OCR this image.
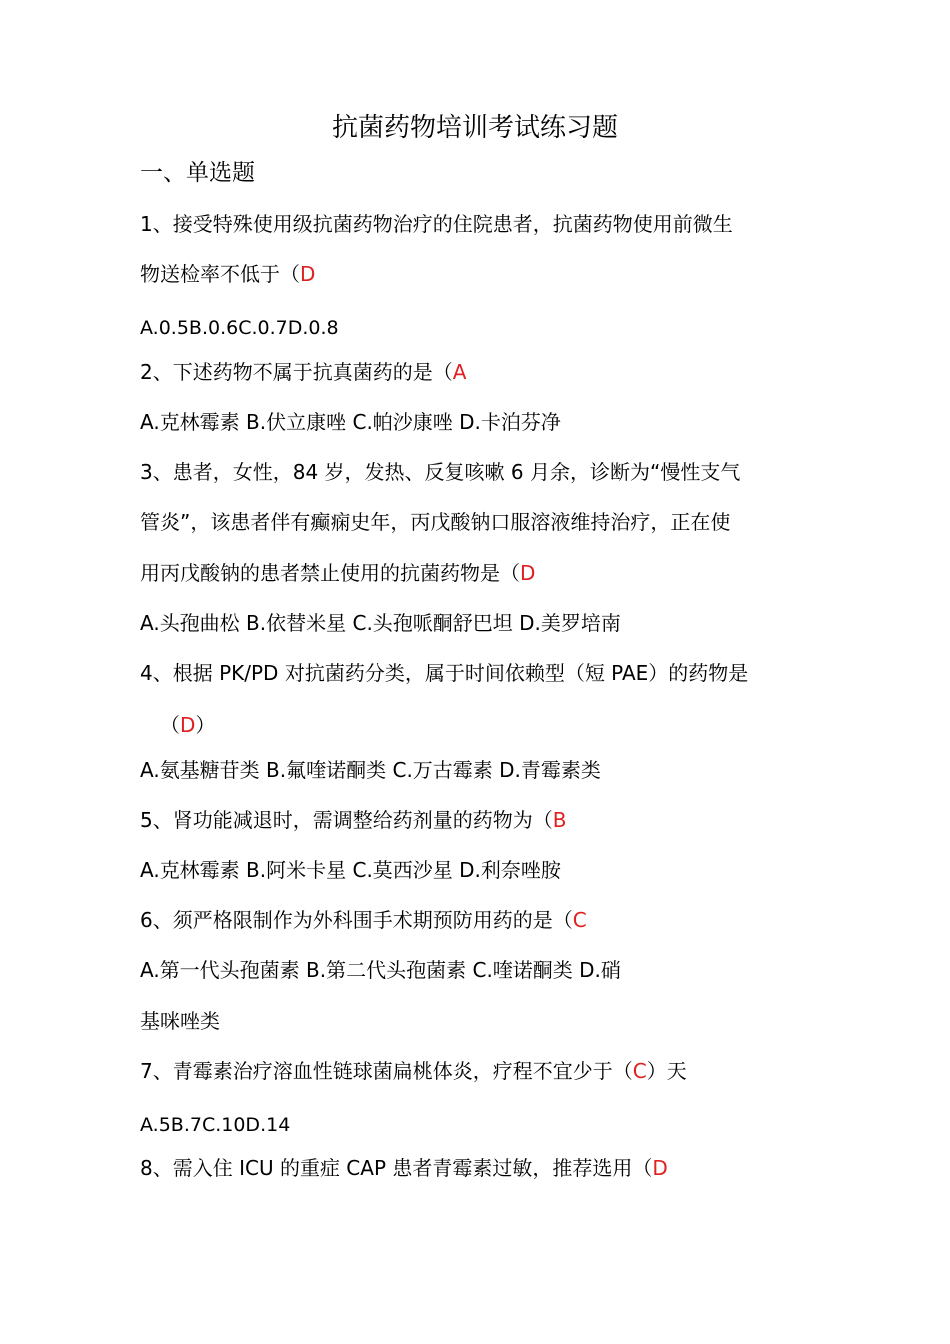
抗菌药物培训考试练习题
一、单选题
1、接受特殊使用级抗菌药物治疗的住院患者，抗菌药物使用前微生
物送检率不低于（D
A.0.5B.0.6C.0.7D.0.8
2、下述药物不属于抗真菌药的是（A
A.克林霉素 B.伏立康唑 C.帕沙康唑 D.卡泊芬净
3、患者，女性，84 岁，发热、反复咳嗽 6 月余，诊断为“慢性支气
管炎”，该患者伴有癫痫史年，丙戊酸钠口服溶液维持治疗，正在使
用丙戊酸钠的患者禁止使用的抗菌药物是（D
A.头孢曲松 B.依替米星 C.头孢哌酮舒巴坦 D.美罗培南
4、根据 PK/PD 对抗菌药分类，属于时间依赖型（短 PAE）的药物是
（D）
A.氨基糖苷类 B.氟喹诺酮类 C.万古霉素 D.青霉素类
5、肾功能减退时，需调整给药剂量的药物为（B
A.克林霉素 B.阿米卡星 C.莫西沙星 D.利奈唑胺
6、须严格限制作为外科围手术期预防用药的是（C
A.第一代头孢菌素 B.第二代头孢菌素 C.喹诺酮类 D.硝
基咪唑类
7、青霉素治疗溶血性链球菌扁桃体炎，疗程不宜少于（C）天
A.5B.7C.10D.14
8、需入住 ICU 的重症 CAP 患者青霉素过敏，推荐选用（D
